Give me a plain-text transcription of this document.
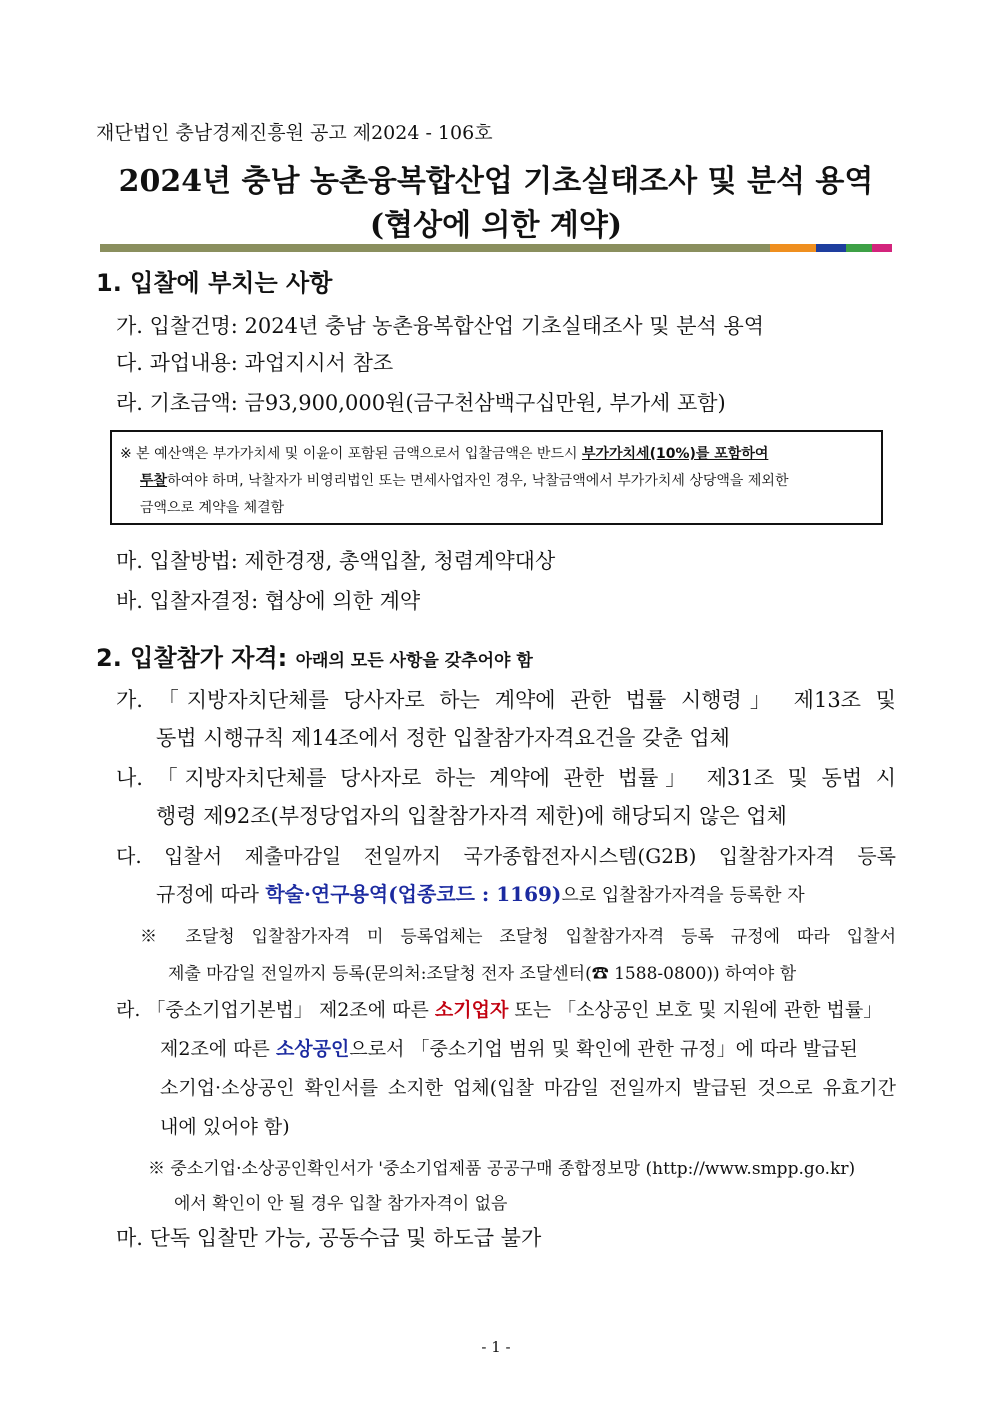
재단법인 충남경제진흥원 공고 제2024 - 106호
2024년 충남 농촌융복합산업 기초실태조사 및 분석 용역
(협상에 의한 계약)
1. 입찰에 부치는 사항
가. 입찰건명: 2024년 충남 농촌융복합산업 기초실태조사 및 분석 용역
다. 과업내용: 과업지시서 참조
라. 기초금액: 금93,900,000원(금구천삼백구십만원, 부가세 포함)
※ 본 예산액은 부가가치세 및 이윤이 포함된 금액으로서 입찰금액은 반드시 부가가치세(10%)를 포함하여
투찰하여야 하며, 낙찰자가 비영리법인 또는 면세사업자인 경우, 낙찰금액에서 부가가치세 상당액을 제외한
금액으로 계약을 체결함
마. 입찰방법: 제한경쟁, 총액입찰, 청렴계약대상
바. 입찰자결정: 협상에 의한 계약
2. 입찰참가 자격: 아래의 모든 사항을 갖추어야 함
가. 「지방자치단체를 당사자로 하는 계약에 관한 법률 시행령」 제13조 및
동법 시행규칙 제14조에서 정한 입찰참가자격요건을 갖춘 업체
나. 「지방자치단체를 당사자로 하는 계약에 관한 법률」 제31조 및 동법 시
행령 제92조(부정당업자의 입찰참가자격 제한)에 해당되지 않은 업체
다. 입찰서 제출마감일 전일까지 국가종합전자시스템(G2B) 입찰참가자격 등록
규정에 따라 학술·연구용역(업종코드 : 1169)으로 입찰참가자격을 등록한 자
※ 조달청 입찰참가자격 미 등록업체는 조달청 입찰참가자격 등록 규정에 따라 입찰서
제출 마감일 전일까지 등록(문의처:조달청 전자 조달센터(☎ 1588-0800)) 하여야 함
라. 「중소기업기본법」 제2조에 따른 소기업자 또는 「소상공인 보호 및 지원에 관한 법률」
제2조에 따른 소상공인으로서 「중소기업 범위 및 확인에 관한 규정」에 따라 발급된
소기업·소상공인 확인서를 소지한 업체(입찰 마감일 전일까지 발급된 것으로 유효기간
내에 있어야 함)
※ 중소기업·소상공인확인서가 '중소기업제품 공공구매 종합정보망 (http://www.smpp.go.kr)
에서 확인이 안 될 경우 입찰 참가자격이 없음
마. 단독 입찰만 가능, 공동수급 및 하도급 불가
- 1 -
